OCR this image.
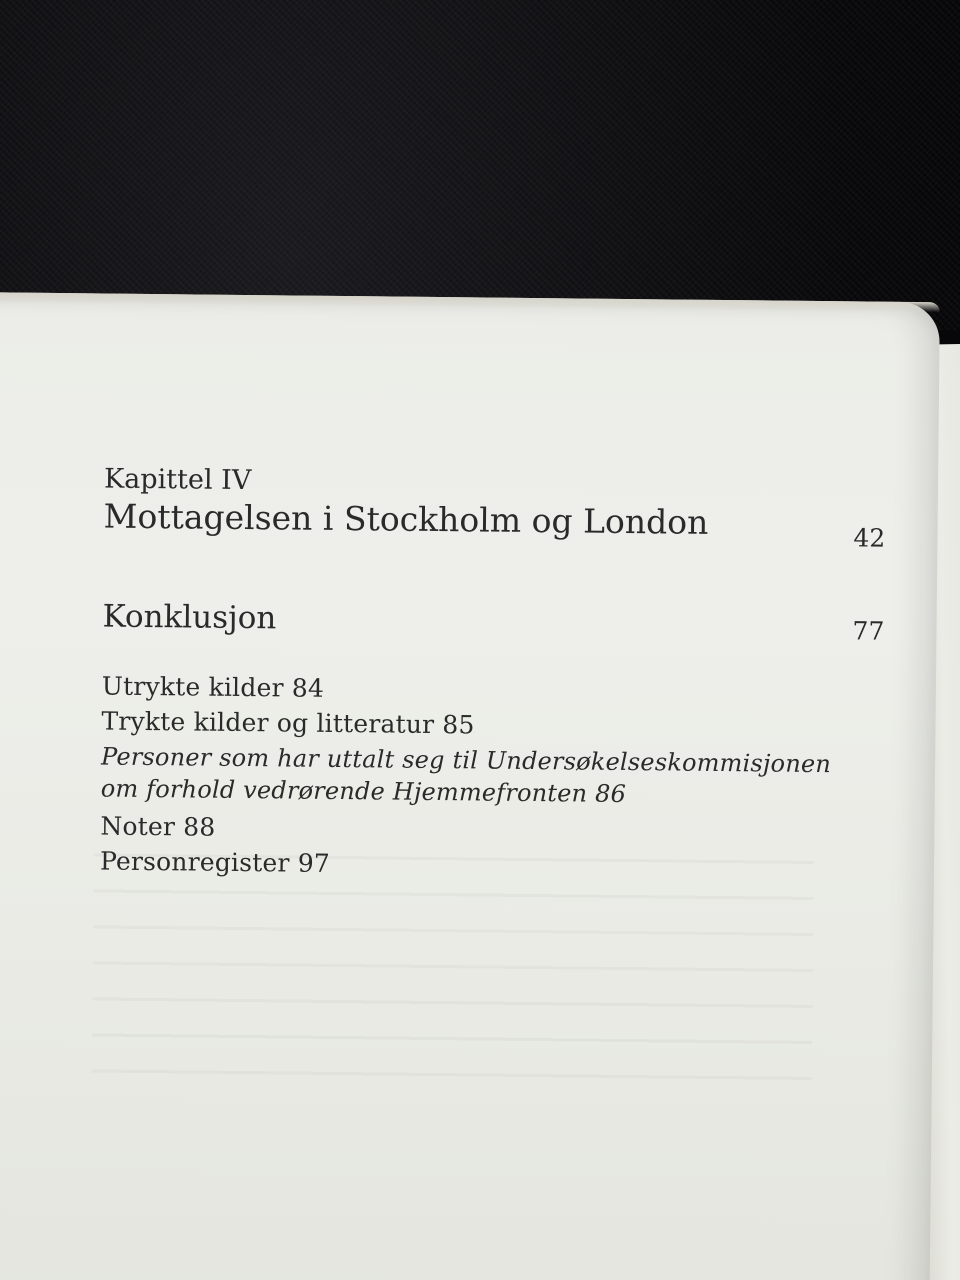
Kapittel IV
Mottagelsen i Stockholm og London	42
Konklusjon	77
Utrykte kilder 84
Trykte kilder og litteratur 85
Personer som har uttalt seg til Undersøkelseskommisjonen
om forhold vedrørende Hjemmefronten 86
Noter 88
Personregister 97
